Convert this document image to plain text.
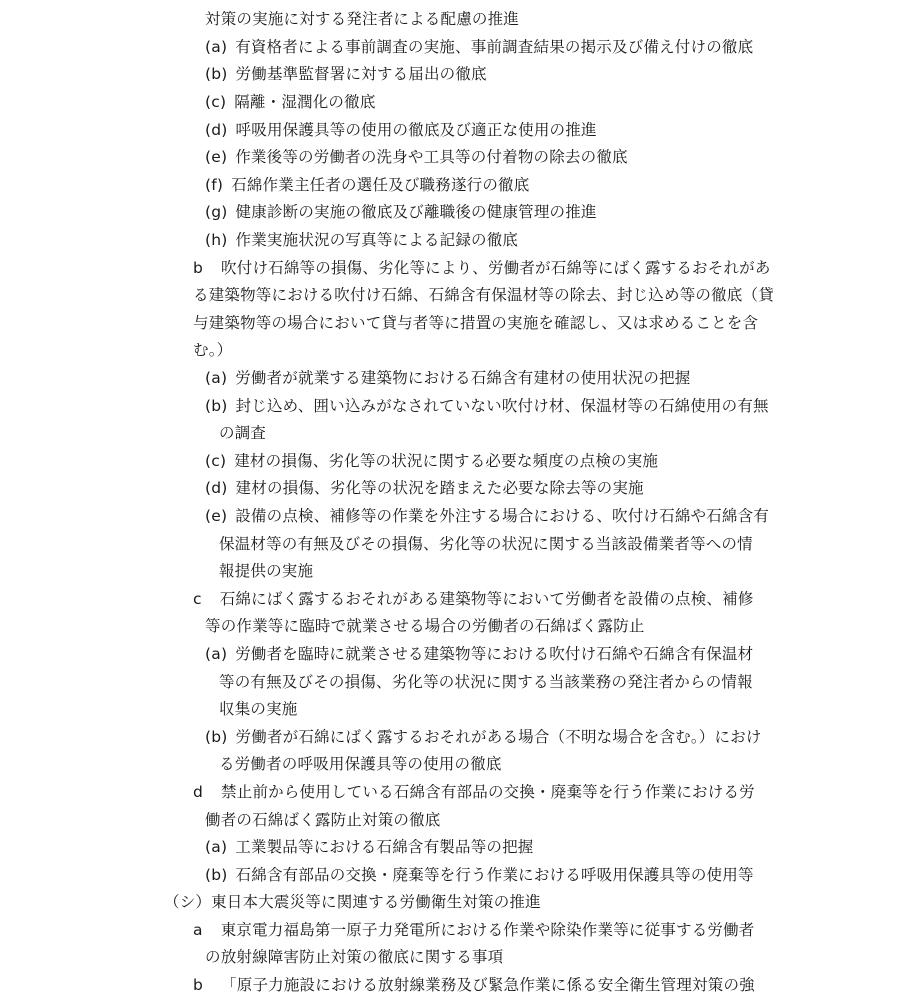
対策の実施に対する発注者による配慮の推進
(a) 有資格者による事前調査の実施、事前調査結果の掲示及び備え付けの徹底
(b) 労働基準監督署に対する届出の徹底
(c) 隔離・湿潤化の徹底
(d) 呼吸用保護具等の使用の徹底及び適正な使用の推進
(e) 作業後等の労働者の洗身や工具等の付着物の除去の徹底
(f) 石綿作業主任者の選任及び職務遂行の徹底
(g) 健康診断の実施の徹底及び離職後の健康管理の推進
(h) 作業実施状況の写真等による記録の徹底
b 吹付け石綿等の損傷、劣化等により、労働者が石綿等にばく露するおそれがあ
る建築物等における吹付け石綿、石綿含有保温材等の除去、封じ込め等の徹底（貸
与建築物等の場合において貸与者等に措置の実施を確認し、又は求めることを含
む。）
(a) 労働者が就業する建築物における石綿含有建材の使用状況の把握
(b) 封じ込め、囲い込みがなされていない吹付け材、保温材等の石綿使用の有無
の調査
(c) 建材の損傷、劣化等の状況に関する必要な頻度の点検の実施
(d) 建材の損傷、劣化等の状況を踏まえた必要な除去等の実施
(e) 設備の点検、補修等の作業を外注する場合における、吹付け石綿や石綿含有
保温材等の有無及びその損傷、劣化等の状況に関する当該設備業者等への情
報提供の実施
c 石綿にばく露するおそれがある建築物等において労働者を設備の点検、補修
等の作業等に臨時で就業させる場合の労働者の石綿ばく露防止
(a) 労働者を臨時に就業させる建築物等における吹付け石綿や石綿含有保温材
等の有無及びその損傷、劣化等の状況に関する当該業務の発注者からの情報
収集の実施
(b) 労働者が石綿にばく露するおそれがある場合（不明な場合を含む。）におけ
る労働者の呼吸用保護具等の使用の徹底
d 禁止前から使用している石綿含有部品の交換・廃棄等を行う作業における労
働者の石綿ばく露防止対策の徹底
(a) 工業製品等における石綿含有製品等の把握
(b) 石綿含有部品の交換・廃棄等を行う作業における呼吸用保護具等の使用等
（シ）東日本大震災等に関連する労働衛生対策の推進
a 東京電力福島第一原子力発電所における作業や除染作業等に従事する労働者
の放射線障害防止対策の徹底に関する事項
b 「原子力施設における放射線業務及び緊急作業に係る安全衛生管理対策の強
